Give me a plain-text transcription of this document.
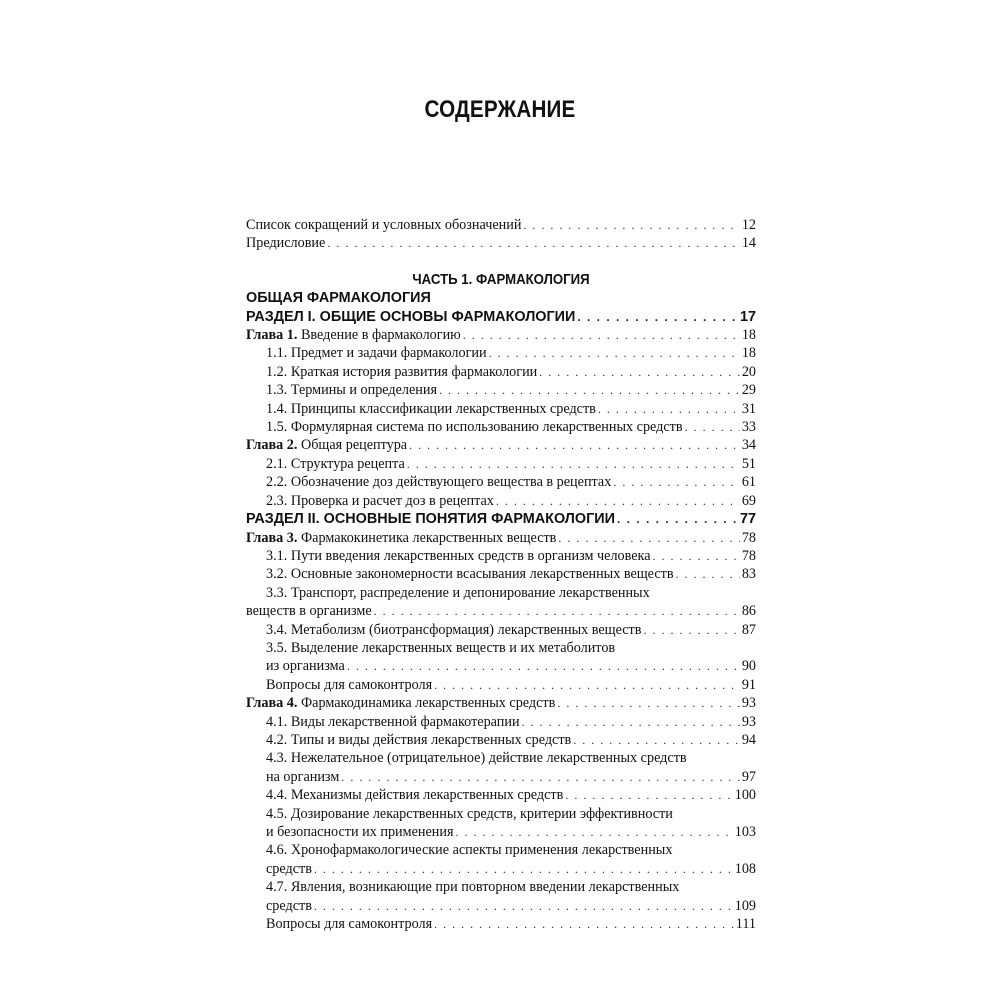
СОДЕРЖАНИЕ
Список сокращений и условных обозначений . . .	12
Предисловие . . .	14
ЧАСТЬ 1. ФАРМАКОЛОГИЯ
ОБЩАЯ ФАРМАКОЛОГИЯ
РАЗДЕЛ I. ОБЩИЕ ОСНОВЫ ФАРМАКОЛОГИИ . . .	17
Глава 1. Введение в фармакологию . . .	18
1.1. Предмет и задачи фармакологии . . .	18
1.2. Краткая история развития фармакологии . . .	20
1.3. Термины и определения . . .	29
1.4. Принципы классификации лекарственных средств . . .	31
1.5. Формулярная система по использованию лекарственных средств . . .	33
Глава 2. Общая рецептура . . .	34
2.1. Структура рецепта . . .	51
2.2. Обозначение доз действующего вещества в рецептах . . .	61
2.3. Проверка и расчет доз в рецептах . . .	69
РАЗДЕЛ II. ОСНОВНЫЕ ПОНЯТИЯ ФАРМАКОЛОГИИ . . .	77
Глава 3. Фармакокинетика лекарственных веществ . . .	78
3.1. Пути введения лекарственных средств в организм человека . . .	78
3.2. Основные закономерности всасывания лекарственных веществ . . .	83
3.3. Транспорт, распределение и депонирование лекарственных
веществ в организме . . .	86
3.4. Метаболизм (биотрансформация) лекарственных веществ . . .	87
3.5. Выделение лекарственных веществ и их метаболитов
из организма . . .	90
Вопросы для самоконтроля . . .	91
Глава 4. Фармакодинамика лекарственных средств . . .	93
4.1. Виды лекарственной фармакотерапии . . .	93
4.2. Типы и виды действия лекарственных средств . . .	94
4.3. Нежелательное (отрицательное) действие лекарственных средств
на организм . . .	97
4.4. Механизмы действия лекарственных средств . . .	100
4.5. Дозирование лекарственных средств, критерии эффективности
и безопасности их применения . . .	103
4.6. Хронофармакологические аспекты применения лекарственных
средств . . .	108
4.7. Явления, возникающие при повторном введении лекарственных
средств . . .	109
Вопросы для самоконтроля . . .	111
